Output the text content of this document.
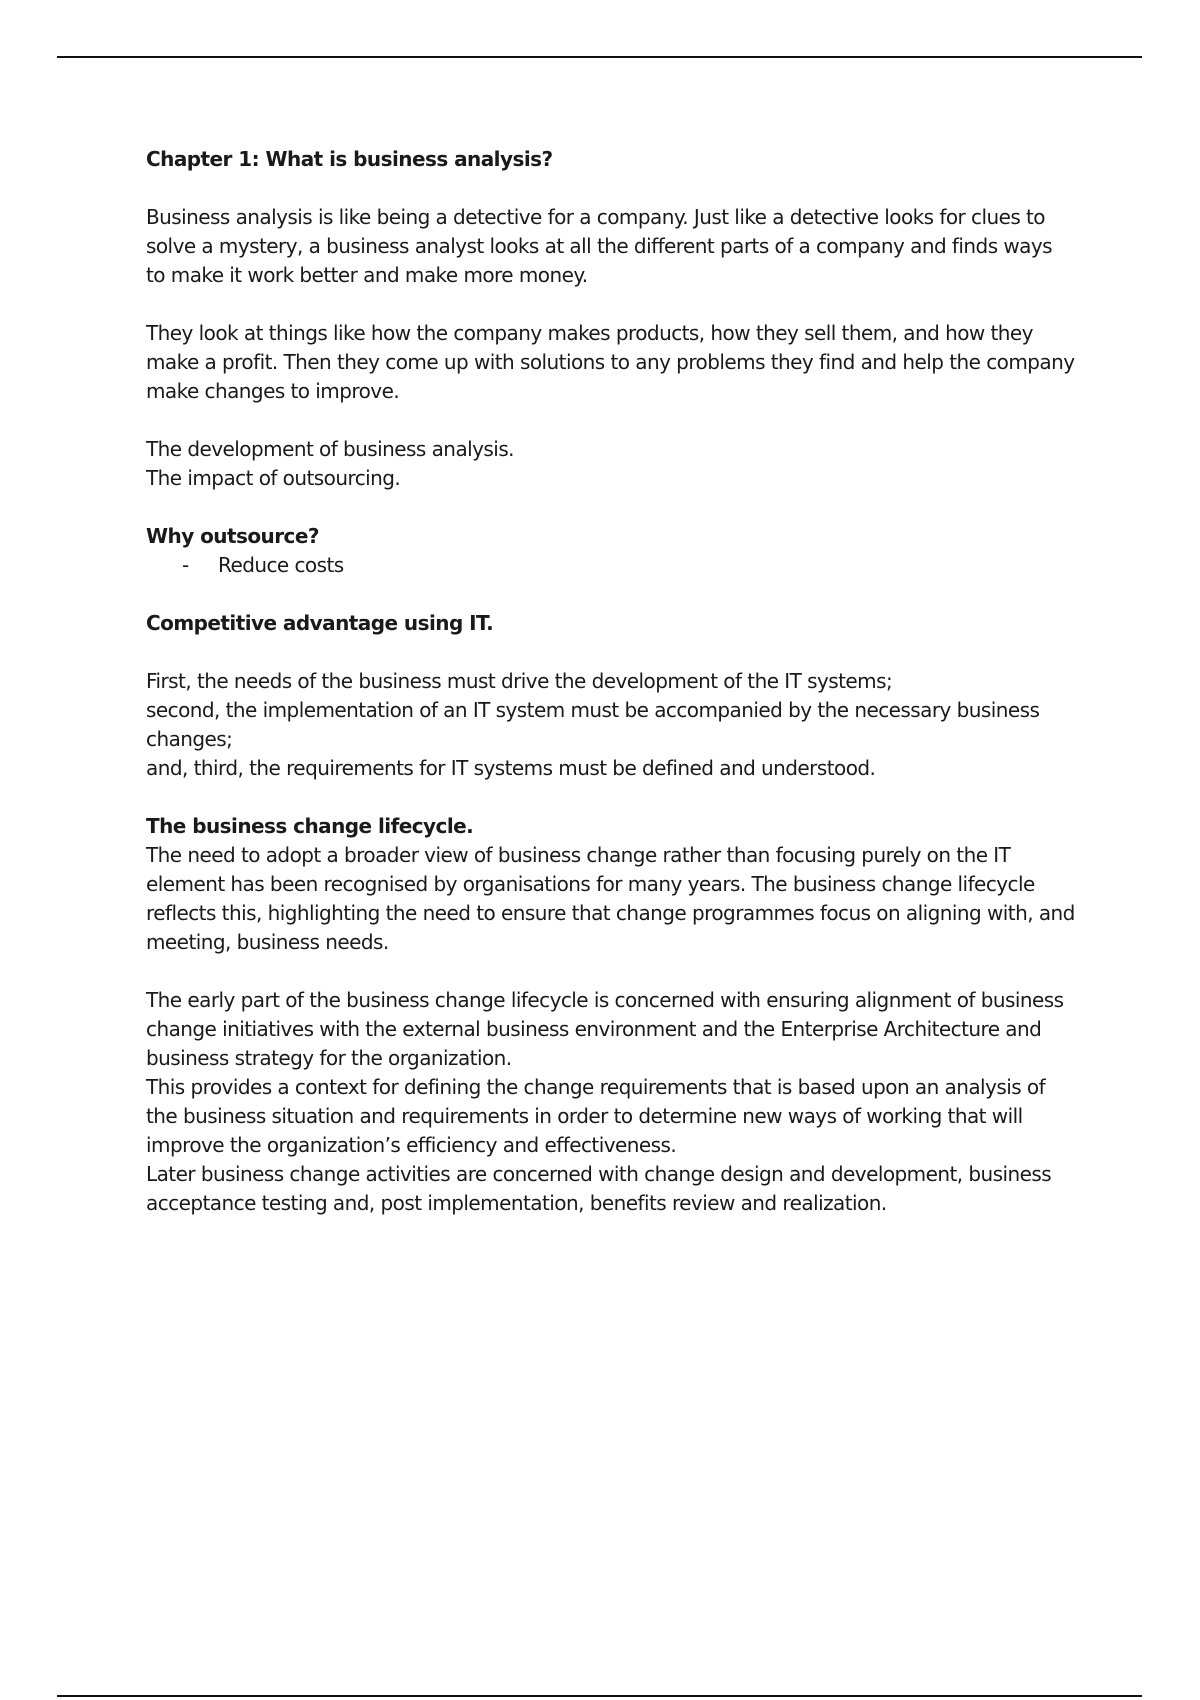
Chapter 1: What is business analysis?

Business analysis is like being a detective for a company. Just like a detective looks for clues to solve a mystery, a business analyst looks at all the different parts of a company and finds ways to make it work better and make more money.

They look at things like how the company makes products, how they sell them, and how they make a profit. Then they come up with solutions to any problems they find and help the company make changes to improve.

The development of business analysis.

The impact of outsourcing.

Why outsource?

-	Reduce costs

Competitive advantage using IT.

First, the needs of the business must drive the development of the IT systems;

second, the implementation of an IT system must be accompanied by the necessary business changes;

and, third, the requirements for IT systems must be defined and understood.

The business change lifecycle.

The need to adopt a broader view of business change rather than focusing purely on the IT element has been recognised by organisations for many years. The business change lifecycle reflects this, highlighting the need to ensure that change programmes focus on aligning with, and meeting, business needs.

The early part of the business change lifecycle is concerned with ensuring alignment of business change initiatives with the external business environment and the Enterprise Architecture and business strategy for the organization.

This provides a context for defining the change requirements that is based upon an analysis of the business situation and requirements in order to determine new ways of working that will improve the organization’s efficiency and effectiveness.

Later business change activities are concerned with change design and development, business acceptance testing and, post implementation, benefits review and realization.
